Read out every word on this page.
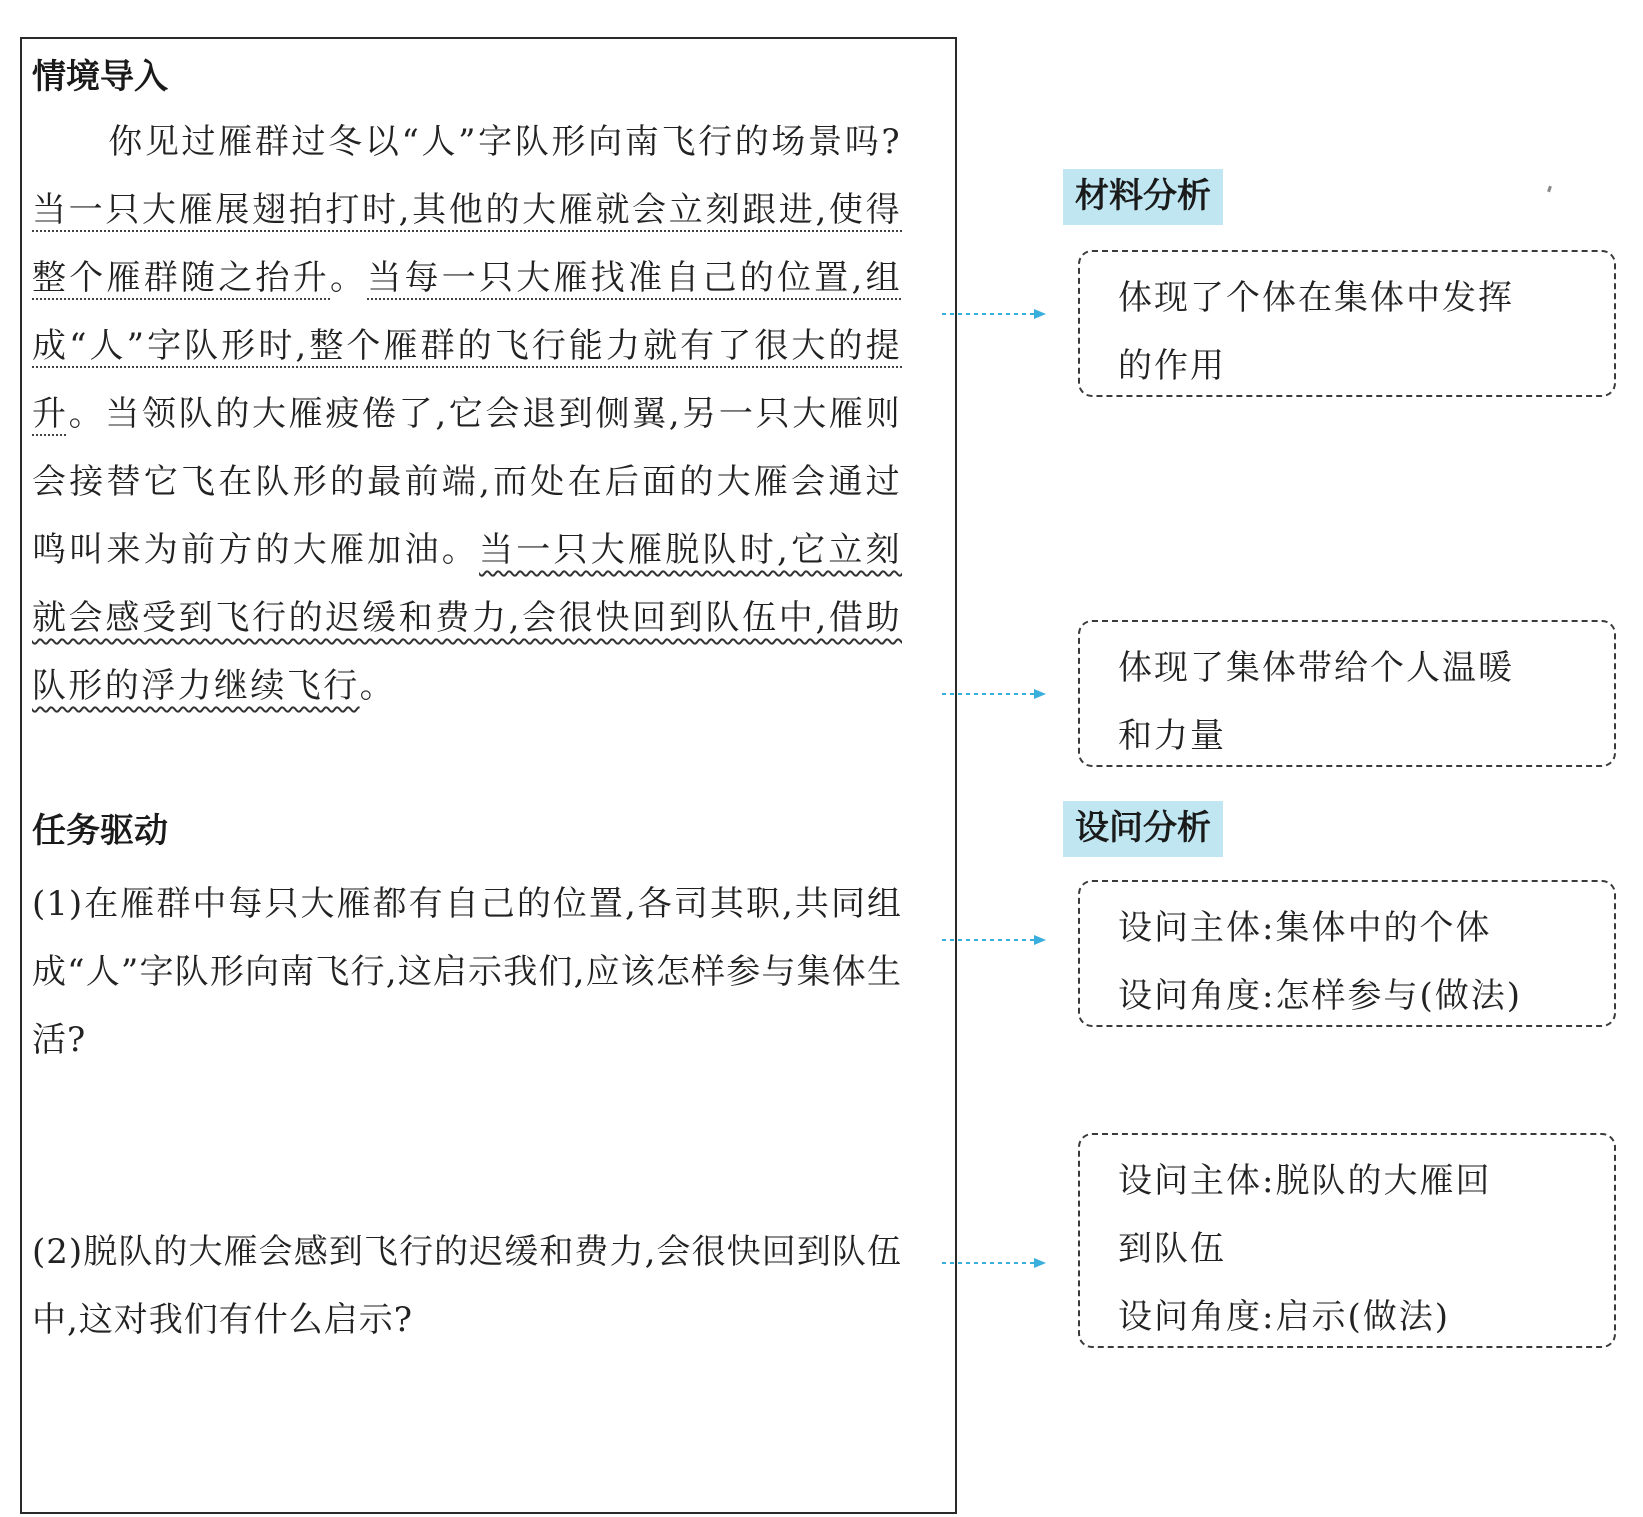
情境导入

你见过雁群过冬以“人”字队形向南飞行的场景吗?当一只大雁展翅拍打时,其他的大雁就会立刻跟进,使得整个雁群随之抬升。当每一只大雁找准自己的位置,组成“人”字队形时,整个雁群的飞行能力就有了很大的提升。当领队的大雁疲倦了,它会退到侧翼,另一只大雁则会接替它飞在队形的最前端,而处在后面的大雁会通过鸣叫来为前方的大雁加油。当一只大雁脱队时,它立刻就会感受到飞行的迟缓和费力,会很快回到队伍中,借助队形的浮力继续飞行。

任务驱动

(1)在雁群中每只大雁都有自己的位置,各司其职,共同组成“人”字队形向南飞行,这启示我们,应该怎样参与集体生活?

(2)脱队的大雁会感到飞行的迟缓和费力,会很快回到队伍中,这对我们有什么启示?

材料分析
体现了个体在集体中发挥
的作用
体现了集体带给个人温暖
和力量
设问分析
设问主体:集体中的个体
设问角度:怎样参与(做法)
设问主体:脱队的大雁回
到队伍
设问角度:启示(做法)
